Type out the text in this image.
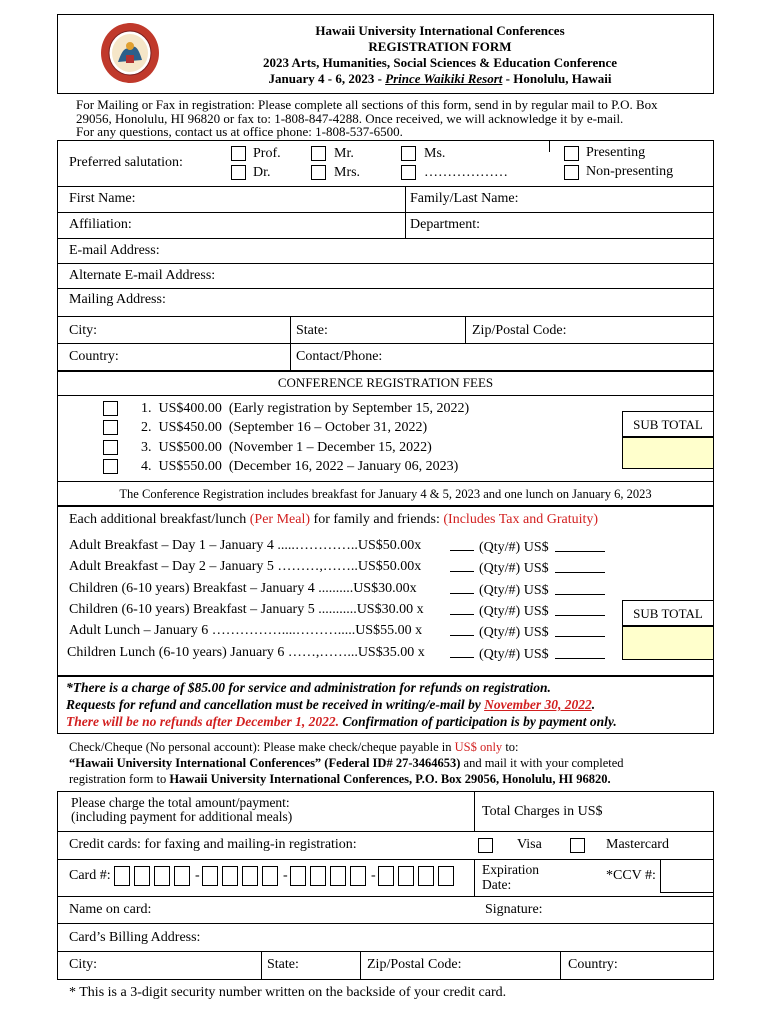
Hawaii University International Conferences
REGISTRATION FORM
2023 Arts, Humanities, Social Sciences & Education Conference
January 4 - 6, 2023 - Prince Waikiki Resort - Honolulu, Hawaii
For Mailing or Fax in registration: Please complete all sections of this form, send in by regular mail to P.O. Box
29056, Honolulu, HI 96820 or fax to: 1-808-847-4288. Once received, we will acknowledge it by e-mail.
For any questions, contact us at office phone: 1-808-537-6500.
Preferred salutation:
Prof.
Dr.
Mr.
Mrs.
Ms.
………………
Presenting
Non-presenting
First Name:	Family/Last Name:
Affiliation:	Department:
E-mail Address:
Alternate E-mail Address:
Mailing Address:
City:	State:	Zip/Postal Code:
Country:	Contact/Phone:
CONFERENCE REGISTRATION FEES
1.  US$400.00  (Early registration by September 15, 2022)
2.  US$450.00  (September 16 – October 31, 2022)
3.  US$500.00  (November 1 – December 15, 2022)
4.  US$550.00  (December 16, 2022 – January 06, 2023)
SUB TOTAL
The Conference Registration includes breakfast for January 4 & 5, 2023 and one lunch on January 6, 2023
Each additional breakfast/lunch (Per Meal) for family and friends: (Includes Tax and Gratuity)
Adult Breakfast – Day 1 – January 4 .....…………..US$50.00x
Adult Breakfast – Day 2 – January 5 ………,……..US$50.00x
Children (6-10 years) Breakfast – January 4 ..........US$30.00x
Children (6-10 years) Breakfast – January 5 ...........US$30.00 x
Adult Lunch – January 6 ……………....……….....US$55.00 x
Children Lunch (6-10 years) January 6 ……,……...US$35.00 x
(Qty/#) US$
(Qty/#) US$
(Qty/#) US$
(Qty/#) US$
(Qty/#) US$
(Qty/#) US$
SUB TOTAL
*There is a charge of $85.00 for service and administration for refunds on registration.
Requests for refund and cancellation must be received in writing/e-mail by November 30, 2022.
There will be no refunds after December 1, 2022. Confirmation of participation is by payment only.
Check/Cheque (No personal account): Please make check/cheque payable in US$ only to:
“Hawaii University International Conferences” (Federal ID# 27-3464653) and mail it with your completed
registration form to Hawaii University International Conferences, P.O. Box 29056, Honolulu, HI 96820.
Please charge the total amount/payment:
(including payment for additional meals)	Total Charges in US$
Credit cards: for faxing and mailing-in registration:	Visa	Mastercard
Card #:	-	-	-	Expiration
Date:
*CCV #:
Name on card:	Signature:
Card’s Billing Address:
City:	State:	Zip/Postal Code:	Country:
* This is a 3-digit security number written on the backside of your credit card.
